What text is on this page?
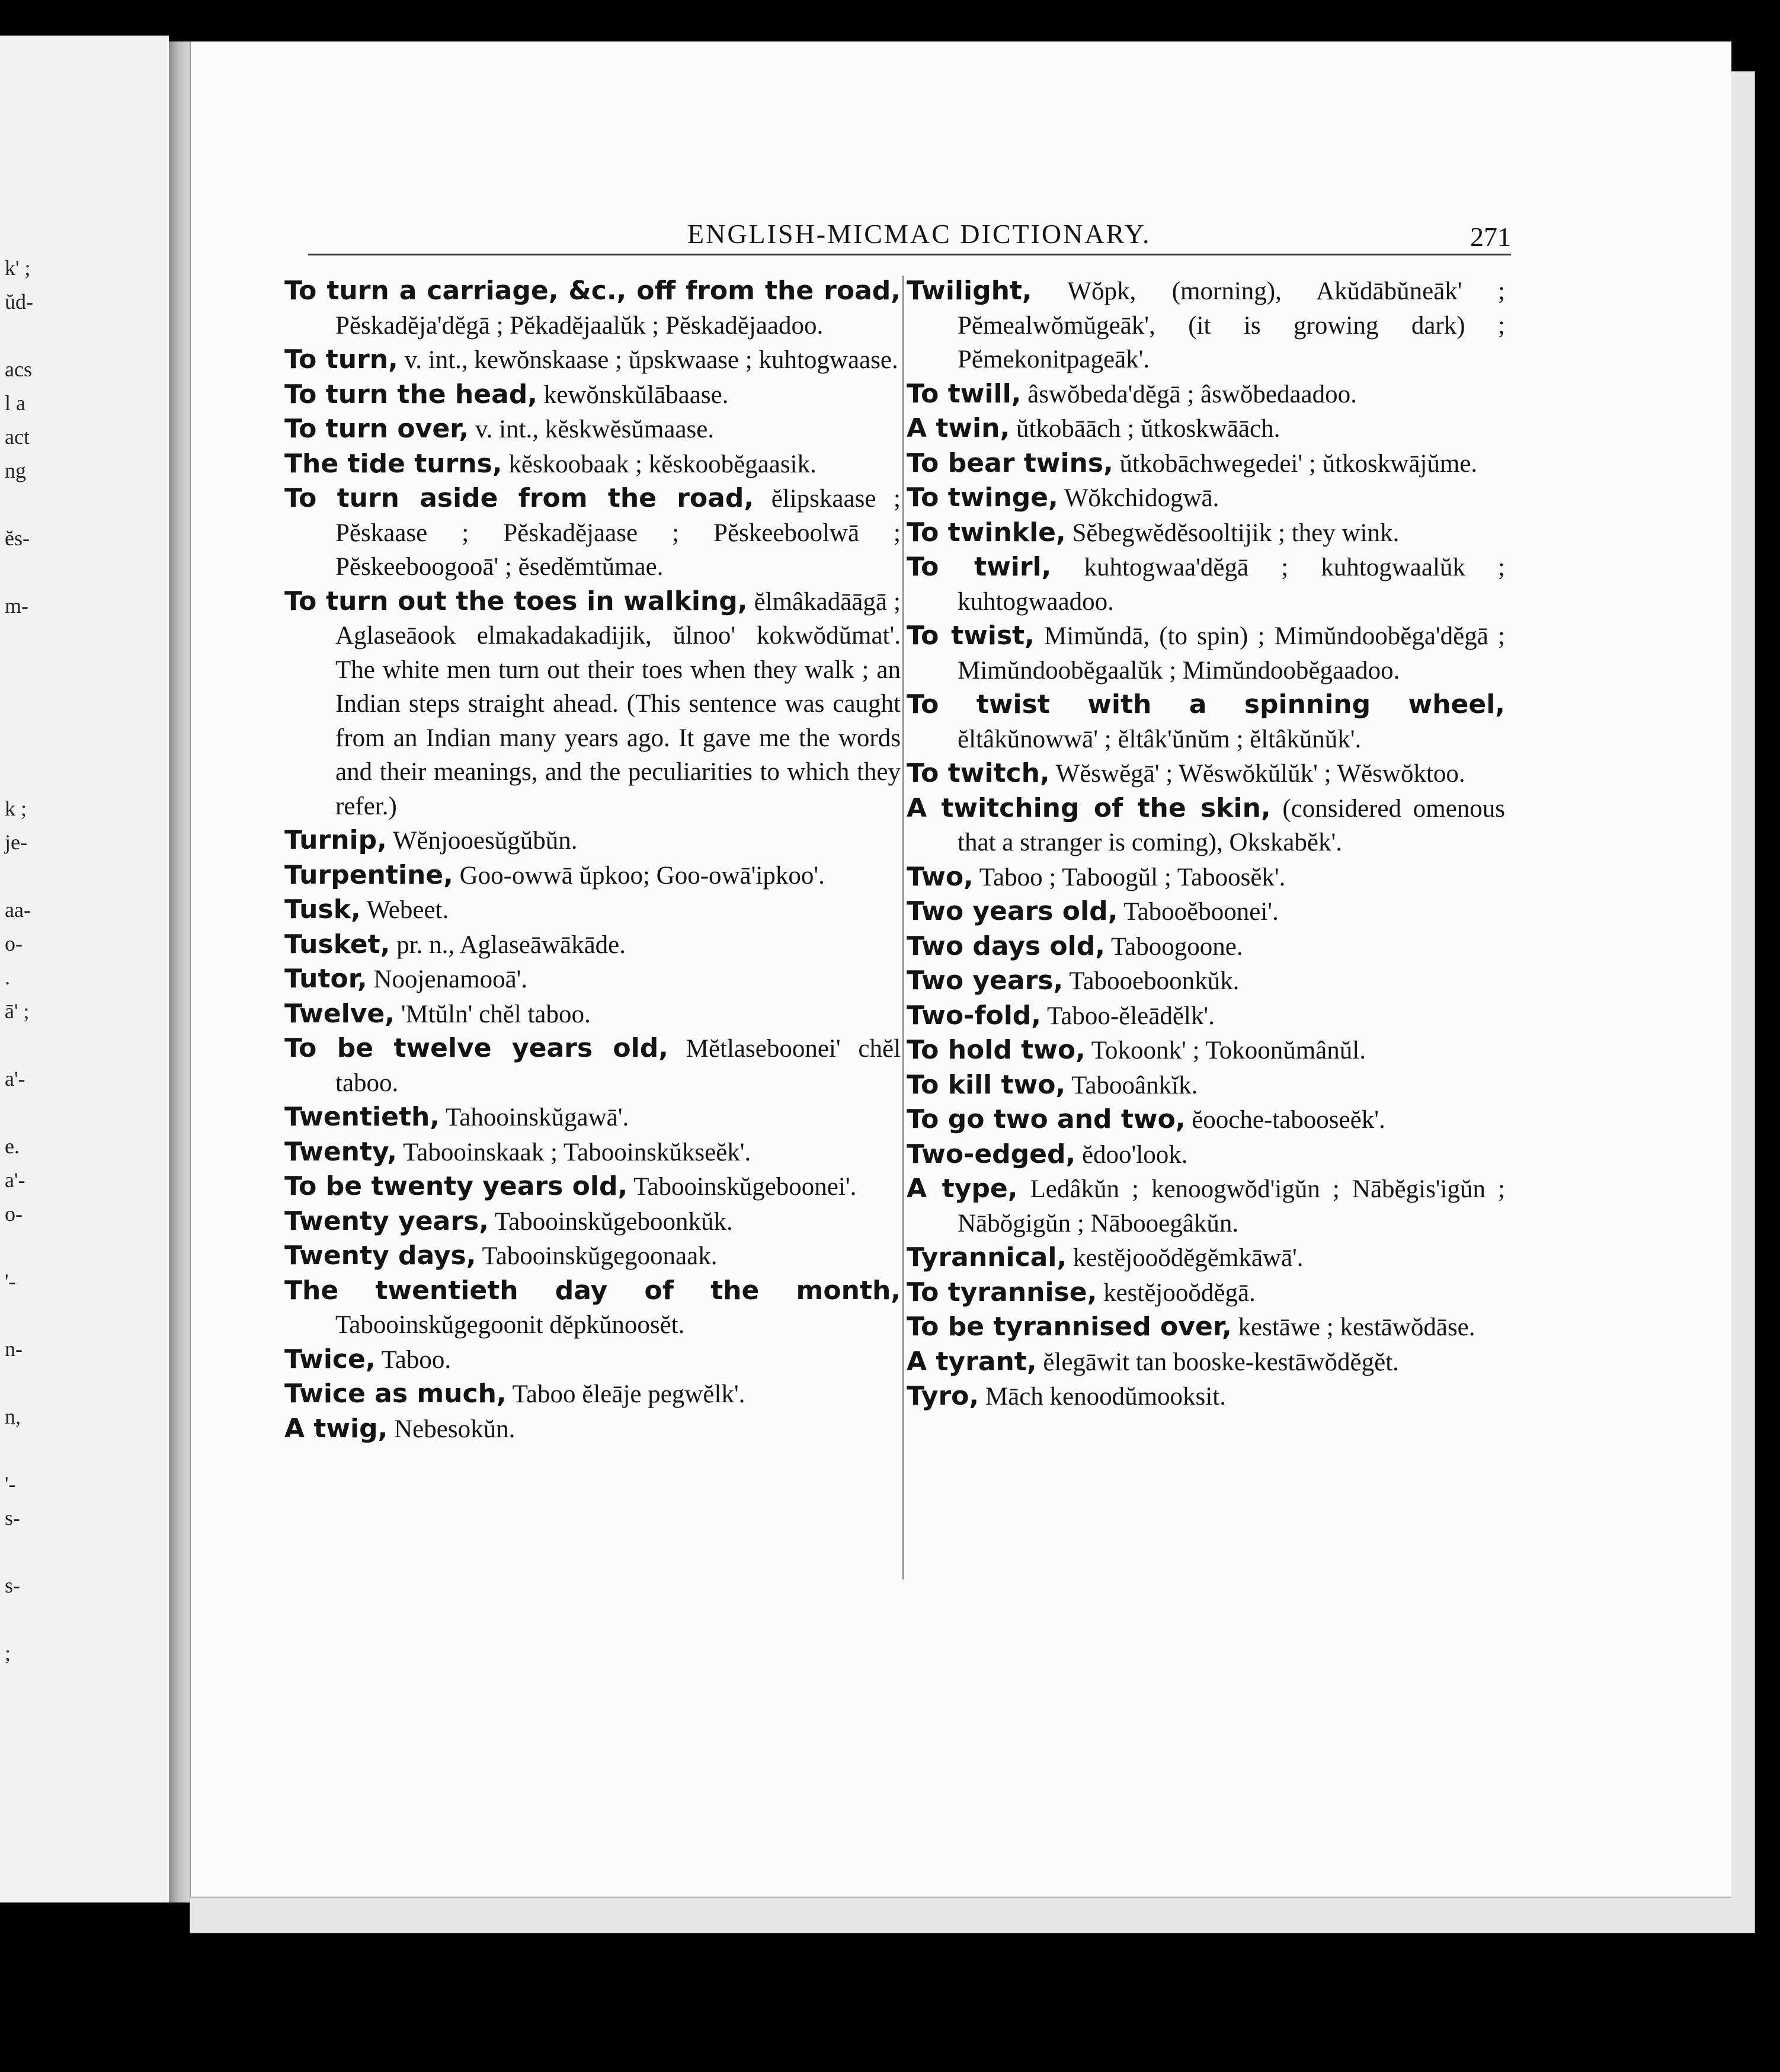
k' ;
ŭd-
acs
l a
act
ng
ĕs-
m-
k ;
je-
aa-
o-
.
ā' ;
a'-
e.
a'-
o-
'-
n-
n,
'-
s-
s-
;
ENGLISH-MICMAC DICTIONARY.	271
To turn a carriage, &c., off from the road, Pĕskadĕja'dĕgā ; Pĕkadĕjaalŭk ; Pĕskadĕjaadoo.
To turn, v. int., kewŏnskaase ; ŭpskwaase ; kuhtogwaase.
To turn the head, kewŏnskŭlābaase.
To turn over, v. int., kĕskwĕsŭmaase.
The tide turns, kĕskoobaak ; kĕskoobĕgaasik.
To turn aside from the road, ĕlipskaase ; Pĕskaase ; Pĕskadĕjaase ; Pĕskeeboolwā ; Pĕskeeboogooā' ; ĕsedĕmtŭmae.
To turn out the toes in walking, ĕlmâkadāāgā ; Aglaseāook elmakadakadijik, ŭlnoo' kokwŏdŭmat'. The white men turn out their toes when they walk ; an Indian steps straight ahead. (This sentence was caught from an Indian many years ago. It gave me the words and their meanings, and the peculiarities to which they refer.)
Turnip, Wĕnjooesŭgŭbŭn.
Turpentine, Goo-owwā ŭpkoo; Goo-owā'ipkoo'.
Tusk, Webeet.
Tusket, pr. n., Aglaseāwākāde.
Tutor, Noojenamooā'.
Twelve, 'Mtŭln' chĕl taboo.
To be twelve years old, Mĕtlaseboonei' chĕl taboo.
Twentieth, Tahooinskŭgawā'.
Twenty, Tabooinskaak ; Tabooinskŭkseĕk'.
To be twenty years old, Tabooinskŭgeboonei'.
Twenty years, Tabooinskŭgeboonkŭk.
Twenty days, Tabooinskŭgegoonaak.
The twentieth day of the month, Tabooinskŭgegoonit dĕpkŭnoosĕt.
Twice, Taboo.
Twice as much, Taboo ĕleāje pegwĕlk'.
A twig, Nebesokŭn.
Twilight, Wŏpk, (morning), Akŭdābŭneāk' ; Pĕmealwŏmŭgeāk', (it is growing dark) ; Pĕmekonitpageāk'.
To twill, âswŏbeda'dĕgā ; âswŏbedaadoo.
A twin, ŭtkobāāch ; ŭtkoskwāāch.
To bear twins, ŭtkobāchwegedei' ; ŭtkoskwājŭme.
To twinge, Wŏkchidogwā.
To twinkle, Sĕbegwĕdĕsooltijik ; they wink.
To twirl, kuhtogwaa'dĕgā ; kuhtogwaalŭk ; kuhtogwaadoo.
To twist, Mimŭndā, (to spin) ; Mimŭndoobĕga'dĕgā ; Mimŭndoobĕgaalŭk ; Mimŭndoobĕgaadoo.
To twist with a spinning wheel, ĕltâkŭnowwā' ; ĕltâk'ŭnŭm ; ĕltâkŭnŭk'.
To twitch, Wĕswĕgā' ; Wĕswŏkŭlŭk' ; Wĕswŏktoo.
A twitching of the skin, (considered omenous that a stranger is coming), Okskabĕk'.
Two, Taboo ; Taboogŭl ; Taboosĕk'.
Two years old, Tabooĕboonei'.
Two days old, Taboogoone.
Two years, Tabooeboonkŭk.
Two-fold, Taboo-ĕleādĕlk'.
To hold two, Tokoonk' ; Tokoonŭmânŭl.
To kill two, Tabooânkĭk.
To go two and two, ĕooche-tabooseĕk'.
Two-edged, ĕdoo'look.
A type, Ledâkŭn ; kenoogwŏd'igŭn ; Nābĕgis'igŭn ; Nābŏgigŭn ; Nābooegâkŭn.
Tyrannical, kestĕjooŏdĕgĕmkāwā'.
To tyrannise, kestĕjooŏdĕgā.
To be tyrannised over, kestāwe ; kestāwŏdāse.
A tyrant, ĕlegāwit tan booske-kestāwŏdĕgĕt.
Tyro, Māch kenoodŭmooksit.
